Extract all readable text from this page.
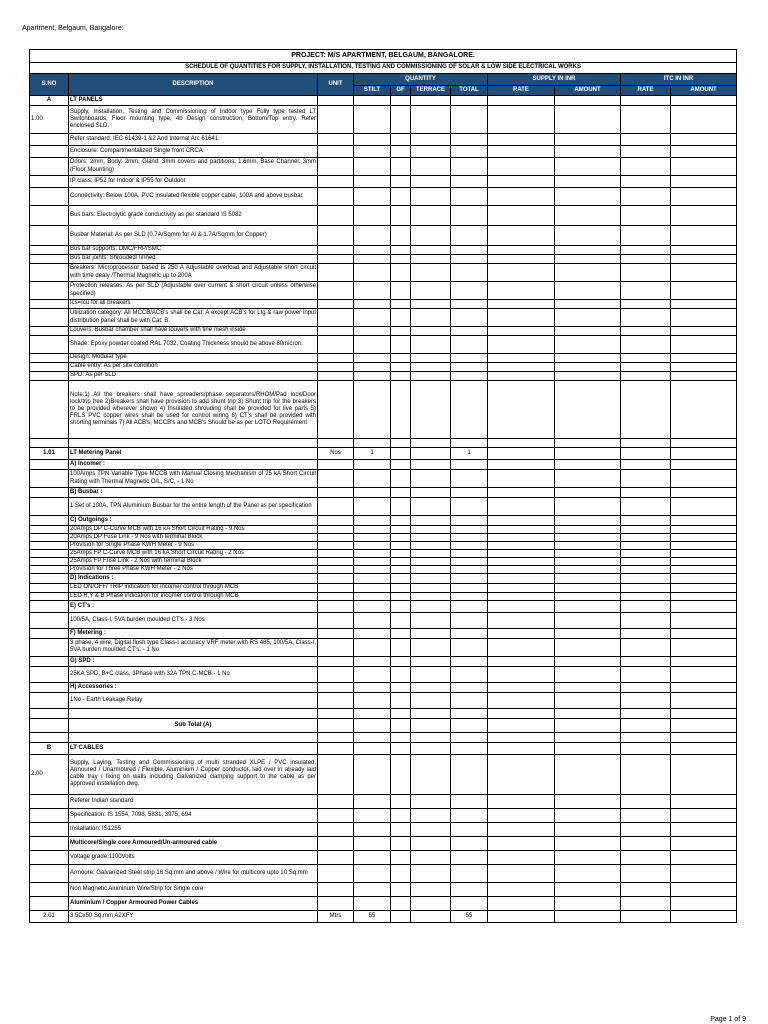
Apartment, Belgaum, Bangalore.
PROJECT: M/S APARTMENT, BELGAUM, BANGALORE.										
SCHEDULE OF QUANTITIES FOR SUPPLY, INSTALLATION, TESTING AND COMMISSIONING OF SOLAR & LOW SIDE ELECTRICAL WORKS										
S.NO	DESCRIPTION	UNIT	QUANTITY				SUPPLY IN INR		ITC IN INR	
			STILT	GF	TERRACE	TOTAL	RATE	AMOUNT	RATE	AMOUNT
A	LT PANELS									
1.00	Supply, Installation, Testing and Commissioning of Indoor type Fully type tested LT Switchboards, Floor mounting type, 4b Design construction, Bottom/Top entry. Refer enclosed SLD.									
	Refer standard: IEC 61439-1 &2 And Internal Arc 61641.									
	Enclosure: Compartmentalized Single front CRCA									
	Doors: 2mm, Body: 2mm, Gland: 3mm covers and partitions: 1.6mm, Base Channel: 3mm (Floor Mounting)									
	IP class: IP52 for Indoor & IP55 for Outdoor									
	Connectivity: Below 100A, PVC insulated flexible copper cable, 100A and above busbar.									
	Bus bars: Electrolytic grade conductivity as per standard IS 5082									
	Busbar Material: As per SLD (0.7A/Sqmm for Al & 1.7A/Sqmm for Copper)									
	Bus bar supports: DMC/FRP/SMC									
	Bus bar joints: Shrouded/Tinned									
	Breakers: Microprocessor based Is 250 A Adjustable overload and Adjustable short circuit with time dealy /Thermal Magnetic up to 200A									
	Protection releases: As per SLD (Adjustable over current & short circuit unless otherwise specified)									
	Ics=Icu for all breakers									
	Utilization category: All MCCB/ACB's shall be Cat: A except ACB's for Ltg & raw power input distribution panel shall be with Cat: B.									
	Louvers: Busbar chamber shall have louvers with fine mesh inside									
	Shade: Epoxy powder coated RAL 7032, Coating Thickness should be above 80micron.									
	Design: Modular type									
	Cable entry: As per site condition									
	SPD: As per SLD									
	Note:1) All the breakers shall have spreaders/phase separators/RHOM/Pad lock/Door lock/trip free 2)Breakers shall have provision to add shunt trip 3) Shunt trip for the breakers to be provided wherever shown 4) Insulated shrouding shall be provided for live parts 5) FRLS PVC copper wires shall be used for control wiring 6) CT's shall be provided with shorting terminals 7) All ACB's, MCCB's and MCB's Should be as per LOTO Requirement									

1.01	LT Metering Panel	Nos	1			1				
	A) Incomer :									
	100Amps TPN Variable Type MCCB with Manual Closing Mechanism of 25 kA Short Circuit Rating with Thermal Magnetic O/L, S/C, - 1 No									
	B) Busbar :									
	1 Set of 100A, TPN Aluminium Busbar for the entire length of the Panel as per specification									
	C) Outgoings :									
	20Amps DP C-Curve MCB with 16 kA Short Circuit Rating - 9 Nos									
	20Amps DP Fuse Link - 9 Nos with terminal Block									
	Provision for Single Phase KWH Meter - 9 Nos									
	25Amps FP C-Curve MCB with 16 kA Short Circuit Rating - 2 Nos									
	25Amps FP Fuse Link - 2 Nos with terminal Block									
	Provision for Three Phase KWH Meter - 2 Nos									
	D) Indications :									
	LED ON/OFF/ TRIP indication for incomer control through MCB									
	LED R,Y & B Phase indication for incomer control through MCB									
	E) CT's :									
	100/5A, Class-I, 5VA burden moulded CT's - 3 Nos									
	F) Metering :									
	3 phase, 4 wire, Digital flush type Class-I accuracy VRF meter with RS 485, 100/5A, Class-I, 5VA burden moulded CT's. - 1 No									
	G) SPD :									
	25KA SPD, B+C class, 3Phase with 32A TPN C-MCB - 1 No									
	H) Accessories :									
	1No - Earth Leakage Relay									

	Sub Total (A)									

B	LT CABLES									
2.00	Supply, Laying, Testing and Commissioning of multi stranded XLPE / PVC insulated, Armoured / Unarmoured / Flexible, Aluminium / Copper conductor, laid over in already laid cable tray / fixing on walls including Galvanized clamping support to the cable as per approved installation dwg.									
	Referer Indian standard									
	Specification: IS 1554, 7098, 5831, 3975, 694									
	Installation: IS1255									
	Multicore/Single core Armoured/Un-armoured cable									
	Voltage grade:1100Volts									
	Armoure: Galvanized Steel strip 16 Sq.mm and above / Wire for multicore upto 10 Sq.mm									
	Non Magnetic Aluminum Wire/Strip for Single core									
	Aluminium / Copper Armoured Power Cables									
2.01	3.5Cx50 Sq.mm A2XFY	Mtrs	55			55				
Page 1 of 9
